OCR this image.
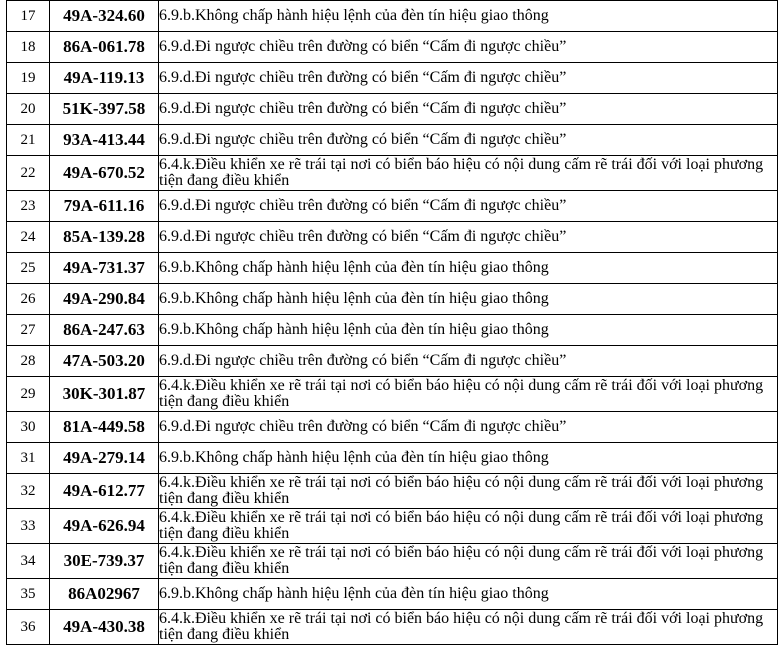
17	49A-324.60	6.9.b.Không chấp hành hiệu lệnh của đèn tín hiệu giao thông

18	86A-061.78	6.9.d.Đi ngược chiều trên đường có biển “Cấm đi ngược chiều”

19	49A-119.13	6.9.d.Đi ngược chiều trên đường có biển “Cấm đi ngược chiều”

20	51K-397.58	6.9.d.Đi ngược chiều trên đường có biển “Cấm đi ngược chiều”

21	93A-413.44	6.9.d.Đi ngược chiều trên đường có biển “Cấm đi ngược chiều”

22	49A-670.52	6.4.k.Điều khiển xe rẽ trái tại nơi có biển báo hiệu có nội dung cấm rẽ trái đối với loại phương tiện đang điều khiển

23	79A-611.16	6.9.d.Đi ngược chiều trên đường có biển “Cấm đi ngược chiều”

24	85A-139.28	6.9.d.Đi ngược chiều trên đường có biển “Cấm đi ngược chiều”

25	49A-731.37	6.9.b.Không chấp hành hiệu lệnh của đèn tín hiệu giao thông

26	49A-290.84	6.9.b.Không chấp hành hiệu lệnh của đèn tín hiệu giao thông

27	86A-247.63	6.9.b.Không chấp hành hiệu lệnh của đèn tín hiệu giao thông

28	47A-503.20	6.9.d.Đi ngược chiều trên đường có biển “Cấm đi ngược chiều”

29	30K-301.87	6.4.k.Điều khiển xe rẽ trái tại nơi có biển báo hiệu có nội dung cấm rẽ trái đối với loại phương tiện đang điều khiển

30	81A-449.58	6.9.d.Đi ngược chiều trên đường có biển “Cấm đi ngược chiều”

31	49A-279.14	6.9.b.Không chấp hành hiệu lệnh của đèn tín hiệu giao thông

32	49A-612.77	6.4.k.Điều khiển xe rẽ trái tại nơi có biển báo hiệu có nội dung cấm rẽ trái đối với loại phương tiện đang điều khiển

33	49A-626.94	6.4.k.Điều khiển xe rẽ trái tại nơi có biển báo hiệu có nội dung cấm rẽ trái đối với loại phương tiện đang điều khiển

34	30E-739.37	6.4.k.Điều khiển xe rẽ trái tại nơi có biển báo hiệu có nội dung cấm rẽ trái đối với loại phương tiện đang điều khiển

35	86A02967	6.9.b.Không chấp hành hiệu lệnh của đèn tín hiệu giao thông

36	49A-430.38	6.4.k.Điều khiển xe rẽ trái tại nơi có biển báo hiệu có nội dung cấm rẽ trái đối với loại phương tiện đang điều khiển
